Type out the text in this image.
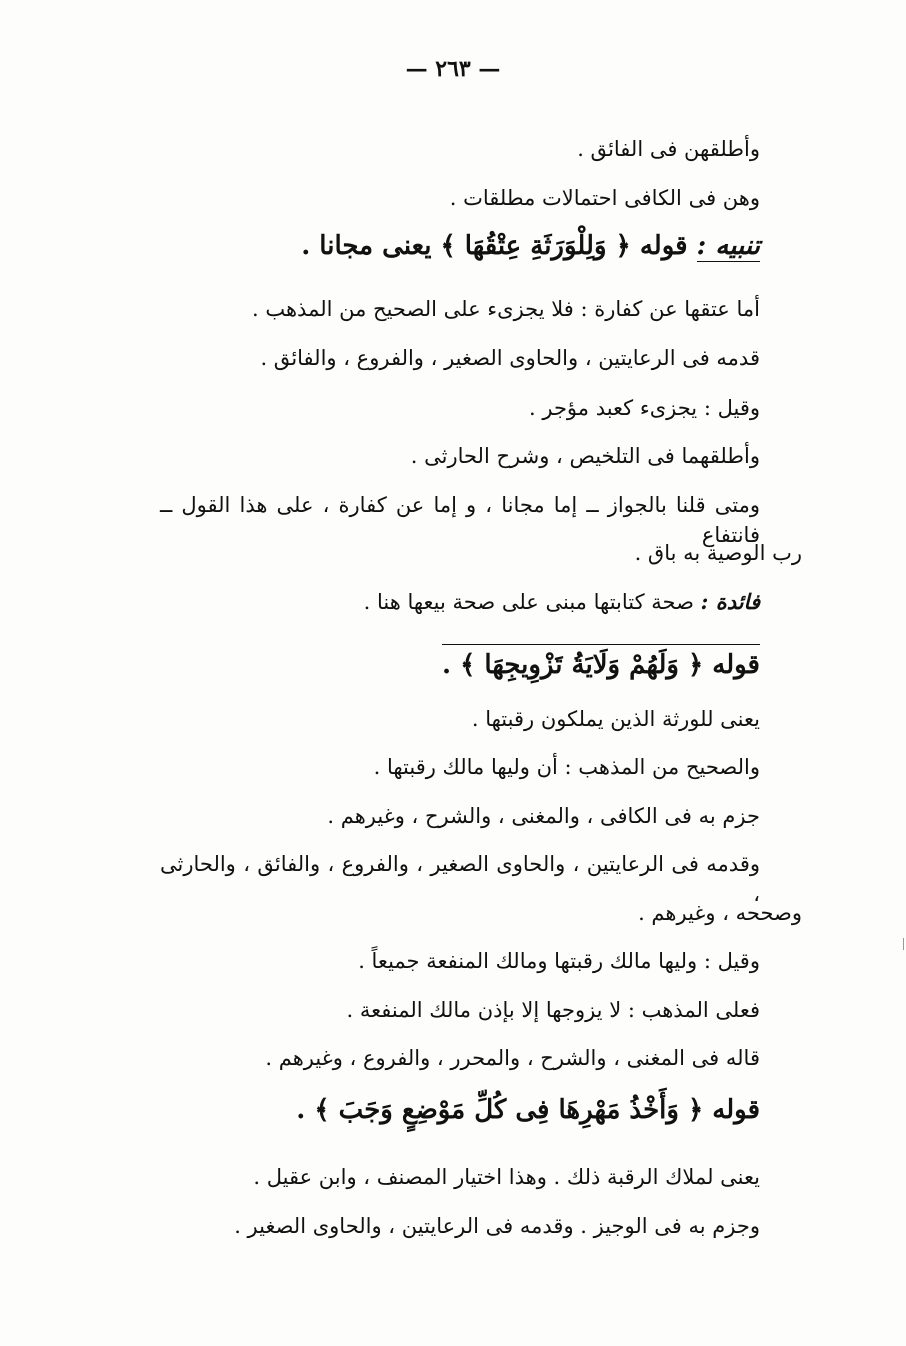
— ٢٦٣ —
وأطلقهن فى الفائق .
وهن فى الكافى احتمالات مطلقات .
تنبيه : قوله ﴿ وَلِلْوَرَثَةِ عِتْقُهَا ﴾ يعنى مجانا .
أما عتقها عن كفارة : فلا يجزىء على الصحيح من المذهب .
قدمه فى الرعايتين ، والحاوى الصغير ، والفروع ، والفائق .
وقيل : يجزىء كعبد مؤجر .
وأطلقهما فى التلخيص ، وشرح الحارثى .
ومتى قلنا بالجواز ــ إما مجانا ، و إما عن كفارة ، على هذا القول ــ فانتفاع
رب الوصية به باق .
فائدة : صحة كتابتها مبنى على صحة بيعها هنا .
قوله ﴿ وَلَهُمْ وَلَايَةُ تَزْوِيجِهَا ﴾ .
يعنى للورثة الذين يملكون رقبتها .
والصحيح من المذهب : أن وليها مالك رقبتها .
جزم به فى الكافى ، والمغنى ، والشرح ، وغيرهم .
وقدمه فى الرعايتين ، والحاوى الصغير ، والفروع ، والفائق ، والحارثى ،
وصححه ، وغيرهم .
وقيل : وليها مالك رقبتها ومالك المنفعة جميعاً .
فعلى المذهب : لا يزوجها إلا بإذن مالك المنفعة .
قاله فى المغنى ، والشرح ، والمحرر ، والفروع ، وغيرهم .
قوله ﴿ وَأَخْذُ مَهْرِهَا فِى كُلِّ مَوْضِعٍ وَجَبَ ﴾ .
يعنى لملاك الرقبة ذلك . وهذا اختيار المصنف ، وابن عقيل .
وجزم به فى الوجيز . وقدمه فى الرعايتين ، والحاوى الصغير .
